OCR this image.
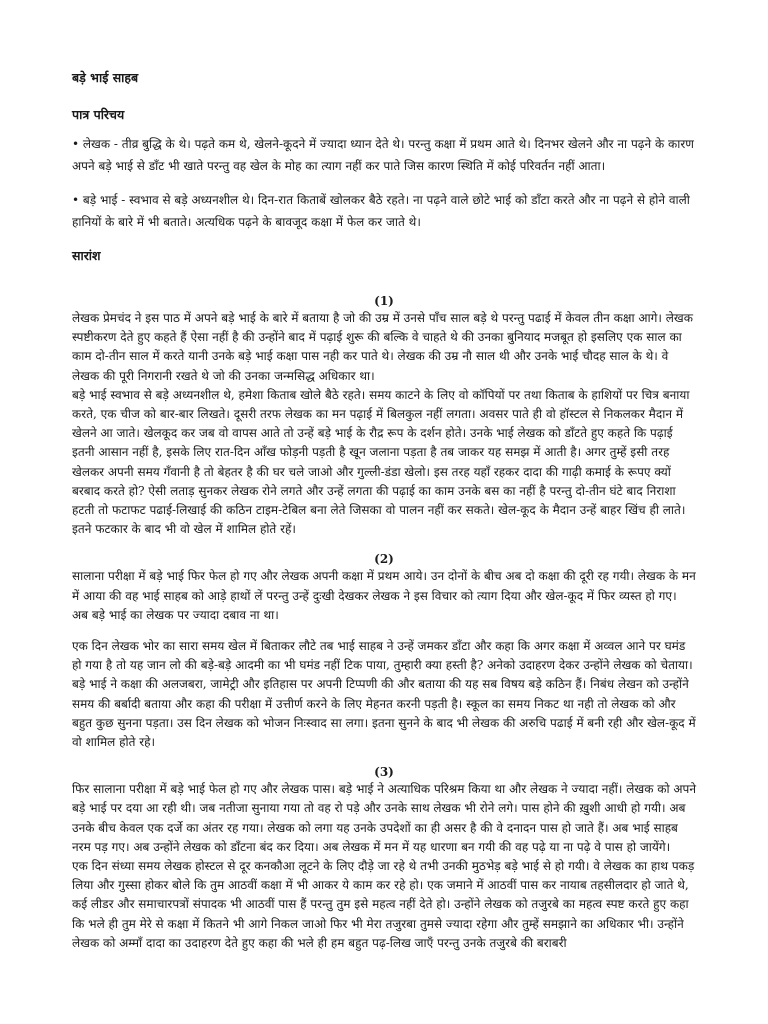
बड़े भाई साहब
पात्र परिचय
• लेखक - तीव्र बुद्धि के थे। पढ़ते कम थे, खेलने-कूदने में ज्यादा ध्यान देते थे। परन्तु कक्षा में प्रथम आते थे। दिनभर खेलने और ना पढ़ने के कारण अपने बड़े भाई से डाँट भी खाते परन्तु वह खेल के मोह का त्याग नहीं कर पाते जिस कारण स्थिति में कोई परिवर्तन नहीं आता।
• बड़े भाई - स्वभाव से बड़े अध्यनशील थे। दिन-रात किताबें खोलकर बैठे रहते। ना पढ़ने वाले छोटे भाई को डाँटा करते और ना पढ़ने से होने वाली हानियों के बारे में भी बताते। अत्यधिक पढ़ने के बावजूद कक्षा में फेल कर जाते थे।
सारांश
(1)
लेखक प्रेमचंद ने इस पाठ में अपने बड़े भाई के बारे में बताया है जो की उम्र में उनसे पाँच साल बड़े थे परन्तु पढाई में केवल तीन कक्षा आगे। लेखक स्पष्टीकरण देते हुए कहते हैं ऐसा नहीं है की उन्होंने बाद में पढ़ाई शुरू की बल्कि वे चाहते थे की उनका बुनियाद मजबूत हो इसलिए एक साल का काम दो-तीन साल में करते यानी उनके बड़े भाई कक्षा पास नही कर पाते थे। लेखक की उम्र नौ साल थी और उनके भाई चौदह साल के थे। वे लेखक की पूरी निगरानी रखते थे जो की उनका जन्मसिद्ध अधिकार था।
बड़े भाई स्वभाव से बड़े अध्यनशील थे, हमेशा किताब खोले बैठे रहते। समय काटने के लिए वो कॉपियों पर तथा किताब के हाशियों पर चित्र बनाया करते, एक चीज को बार-बार लिखते। दूसरी तरफ लेखक का मन पढ़ाई में बिलकुल नहीं लगता। अवसर पाते ही वो हॉस्टल से निकलकर मैदान में खेलने आ जाते। खेलकूद कर जब वो वापस आते तो उन्हें बड़े भाई के रौद्र रूप के दर्शन होते। उनके भाई लेखक को डाँटते हुए कहते कि पढ़ाई इतनी आसान नहीं है, इसके लिए रात-दिन आँख फोड़नी पड़ती है खून जलाना पड़ता है तब जाकर यह समझ में आती है। अगर तुम्हें इसी तरह खेलकर अपनी समय गँवानी है तो बेहतर है की घर चले जाओ और गुल्ली-डंडा खेलो। इस तरह यहाँ रहकर दादा की गाढ़ी कमाई के रूपए क्यों बरबाद करते हो? ऐसी लताड़ सुनकर लेखक रोने लगते और उन्हें लगता की पढ़ाई का काम उनके बस का नहीं है परन्तु दो-तीन घंटे बाद निराशा हटती तो फटाफट पढाई-लिखाई की कठिन टाइम-टेबिल बना लेते जिसका वो पालन नहीं कर सकते। खेल-कूद के मैदान उन्हें बाहर खिंच ही लाते। इतने फटकार के बाद भी वो खेल में शामिल होते रहें।
(2)
सालाना परीक्षा में बड़े भाई फिर फेल हो गए और लेखक अपनी कक्षा में प्रथम आये। उन दोनों के बीच अब दो कक्षा की दूरी रह गयी। लेखक के मन में आया की वह भाई साहब को आड़े हाथों लें परन्तु उन्हें दुःखी देखकर लेखक ने इस विचार को त्याग दिया और खेल-कूद में फिर व्यस्त हो गए। अब बड़े भाई का लेखक पर ज्यादा दबाव ना था।
एक दिन लेखक भोर का सारा समय खेल में बिताकर लौटे तब भाई साहब ने उन्हें जमकर डाँटा और कहा कि अगर कक्षा में अव्वल आने पर घमंड हो गया है तो यह जान लो की बड़े-बड़े आदमी का भी घमंड नहीं टिक पाया, तुम्हारी क्या हस्ती है? अनेको उदाहरण देकर उन्होंने लेखक को चेताया। बड़े भाई ने कक्षा की अलजबरा, जामेट्री और इतिहास पर अपनी टिप्पणी की और बताया की यह सब विषय बड़े कठिन हैं। निबंध लेखन को उन्होंने समय की बर्बादी बताया और कहा की परीक्षा में उत्तीर्ण करने के लिए मेहनत करनी पड़ती है। स्कूल का समय निकट था नही तो लेखक को और बहुत कुछ सुनना पड़ता। उस दिन लेखक को भोजन निःस्वाद सा लगा। इतना सुनने के बाद भी लेखक की अरुचि पढाई में बनी रही और खेल-कूद में वो शामिल होते रहे।
(3)
फिर सालाना परीक्षा में बड़े भाई फेल हो गए और लेखक पास। बड़े भाई ने अत्याधिक परिश्रम किया था और लेखक ने ज्यादा नहीं। लेखक को अपने बड़े भाई पर दया आ रही थी। जब नतीजा सुनाया गया तो वह रो पड़े और उनके साथ लेखक भी रोने लगे। पास होने की ख़ुशी आधी हो गयी। अब उनके बीच केवल एक दर्जे का अंतर रह गया। लेखक को लगा यह उनके उपदेशों का ही असर है की वे दनादन पास हो जाते हैं। अब भाई साहब नरम पड़ गए। अब उन्होंने लेखक को डाँटना बंद कर दिया। अब लेखक में मन में यह धारणा बन गयी की वह पढ़े या ना पढ़े वे पास हो जायेंगे।
एक दिन संध्या समय लेखक होस्टल से दूर कनकौआ लूटने के लिए दौड़े जा रहे थे तभी उनकी मुठभेड़ बड़े भाई से हो गयी। वे लेखक का हाथ पकड़ लिया और गुस्सा होकर बोले कि तुम आठवीं कक्षा में भी आकर ये काम कर रहे हो। एक जमाने में आठवीं पास कर नायाब तहसीलदार हो जाते थे, कई लीडर और समाचारपत्रों संपादक भी आठवीं पास हैं परन्तु तुम इसे महत्व नहीं देते हो। उन्होंने लेखक को तजुरबे का महत्व स्पष्ट करते हुए कहा कि भले ही तुम मेरे से कक्षा में कितने भी आगे निकल जाओ फिर भी मेरा तजुरबा तुमसे ज्यादा रहेगा और तुम्हें समझाने का अधिकार भी। उन्होंने लेखक को अम्माँ दादा का उदाहरण देते हुए कहा की भले ही हम बहुत पढ़-लिख जाएँ परन्तु उनके तजुरबे की बराबरी
